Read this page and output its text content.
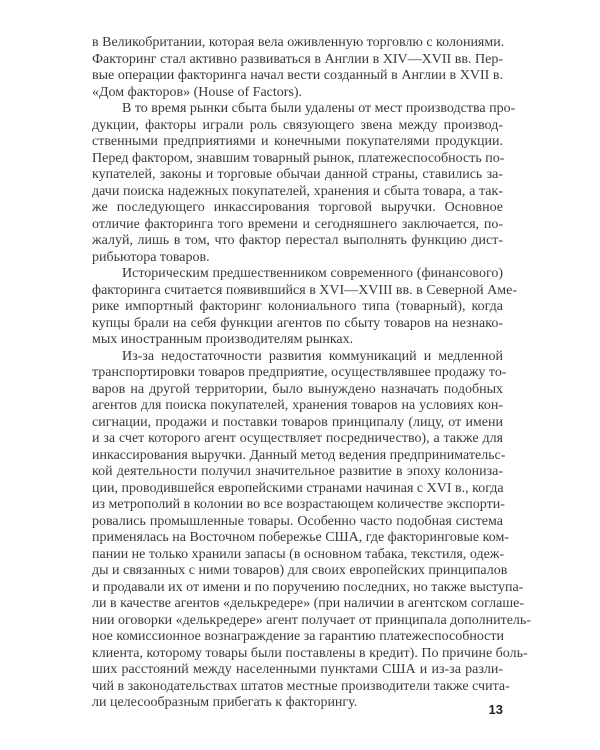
в Великобритании, которая вела оживленную торговлю с колониями.
Факторинг стал активно развиваться в Англии в XIV—XVII вв. Пер-
вые операции факторинга начал вести созданный в Англии в XVII в.
«Дом факторов» (House of Factors).
В то время рынки сбыта были удалены от мест производства про-
дукции, факторы играли роль связующего звена между производ-
ственными предприятиями и конечными покупателями продукции.
Перед фактором, знавшим товарный рынок, платежеспособность по-
купателей, законы и торговые обычаи данной страны, ставились за-
дачи поиска надежных покупателей, хранения и сбыта товара, а так-
же последующего инкассирования торговой выручки. Основное
отличие факторинга того времени и сегодняшнего заключается, по-
жалуй, лишь в том, что фактор перестал выполнять функцию дист-
рибьютора товаров.
Историческим предшественником современного (финансового)
факторинга считается появившийся в XVI—XVIII вв. в Северной Аме-
рике импортный факторинг колониального типа (товарный), когда
купцы брали на себя функции агентов по сбыту товаров на незнако-
мых иностранным производителям рынках.
Из-за недостаточности развития коммуникаций и медленной
транспортировки товаров предприятие, осуществлявшее продажу то-
варов на другой территории, было вынуждено назначать подобных
агентов для поиска покупателей, хранения товаров на условиях кон-
сигнации, продажи и поставки товаров принципалу (лицу, от имени
и за счет которого агент осуществляет посредничество), а также для
инкассирования выручки. Данный метод ведения предпринимательс-
кой деятельности получил значительное развитие в эпоху колониза-
ции, проводившейся европейскими странами начиная с XVI в., когда
из метрополий в колонии во все возрастающем количестве экспорти-
ровались промышленные товары. Особенно часто подобная система
применялась на Восточном побережье США, где факторинговые ком-
пании не только хранили запасы (в основном табака, текстиля, одеж-
ды и связанных с ними товаров) для своих европейских принципалов
и продавали их от имени и по поручению последних, но также выступа-
ли в качестве агентов «делькредере» (при наличии в агентском соглаше-
нии оговорки «делькредере» агент получает от принципала дополнитель-
ное комиссионное вознаграждение за гарантию платежеспособности
клиента, которому товары были поставлены в кредит). По причине боль-
ших расстояний между населенными пунктами США и из-за разли-
чий в законодательствах штатов местные производители также счита-
ли целесообразным прибегать к факторингу.	13
